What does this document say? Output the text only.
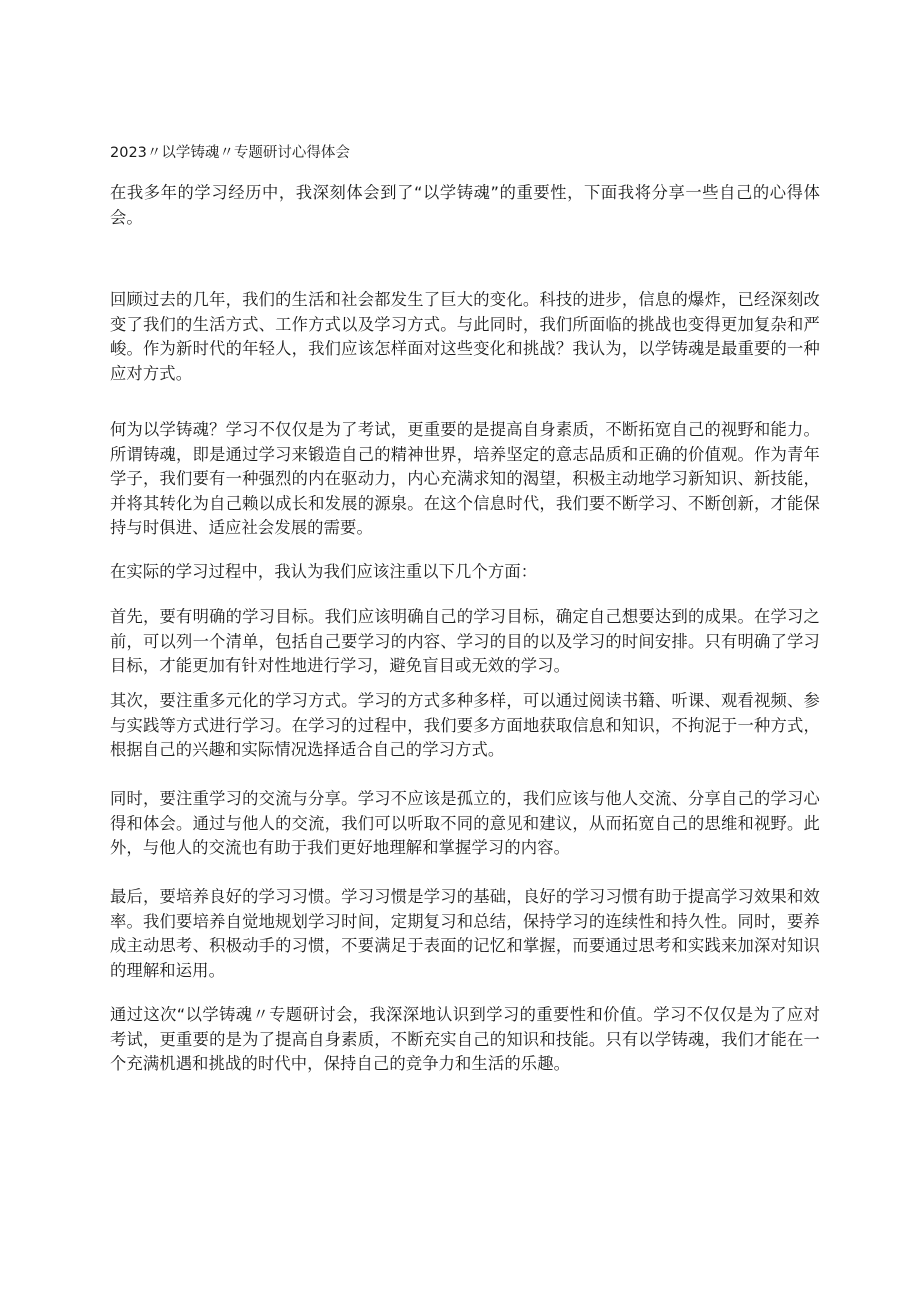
2023〃以学铸魂〃专题研讨心得体会

在我多年的学习经历中，我深刻体会到了“以学铸魂”的重要性，下面我将分享一些自己的心得体会。

回顾过去的几年，我们的生活和社会都发生了巨大的变化。科技的进步，信息的爆炸，已经深刻改变了我们的生活方式、工作方式以及学习方式。与此同时，我们所面临的挑战也变得更加复杂和严峻。作为新时代的年轻人，我们应该怎样面对这些变化和挑战？我认为，以学铸魂是最重要的一种应对方式。

何为以学铸魂？学习不仅仅是为了考试，更重要的是提高自身素质，不断拓宽自己的视野和能力。所谓铸魂，即是通过学习来锻造自己的精神世界，培养坚定的意志品质和正确的价值观。作为青年学子，我们要有一种强烈的内在驱动力，内心充满求知的渴望，积极主动地学习新知识、新技能，并将其转化为自己赖以成长和发展的源泉。在这个信息时代，我们要不断学习、不断创新，才能保持与时俱进、适应社会发展的需要。

在实际的学习过程中，我认为我们应该注重以下几个方面：

首先，要有明确的学习目标。我们应该明确自己的学习目标，确定自己想要达到的成果。在学习之前，可以列一个清单，包括自己要学习的内容、学习的目的以及学习的时间安排。只有明确了学习目标，才能更加有针对性地进行学习，避免盲目或无效的学习。

其次，要注重多元化的学习方式。学习的方式多种多样，可以通过阅读书籍、听课、观看视频、参与实践等方式进行学习。在学习的过程中，我们要多方面地获取信息和知识，不拘泥于一种方式，根据自己的兴趣和实际情况选择适合自己的学习方式。

同时，要注重学习的交流与分享。学习不应该是孤立的，我们应该与他人交流、分享自己的学习心得和体会。通过与他人的交流，我们可以听取不同的意见和建议，从而拓宽自己的思维和视野。此外，与他人的交流也有助于我们更好地理解和掌握学习的内容。

最后，要培养良好的学习习惯。学习习惯是学习的基础，良好的学习习惯有助于提高学习效果和效率。我们要培养自觉地规划学习时间，定期复习和总结，保持学习的连续性和持久性。同时，要养成主动思考、积极动手的习惯，不要满足于表面的记忆和掌握，而要通过思考和实践来加深对知识的理解和运用。

通过这次“以学铸魂〃专题研讨会，我深深地认识到学习的重要性和价值。学习不仅仅是为了应对考试，更重要的是为了提高自身素质，不断充实自己的知识和技能。只有以学铸魂，我们才能在一个充满机遇和挑战的时代中，保持自己的竞争力和生活的乐趣。
